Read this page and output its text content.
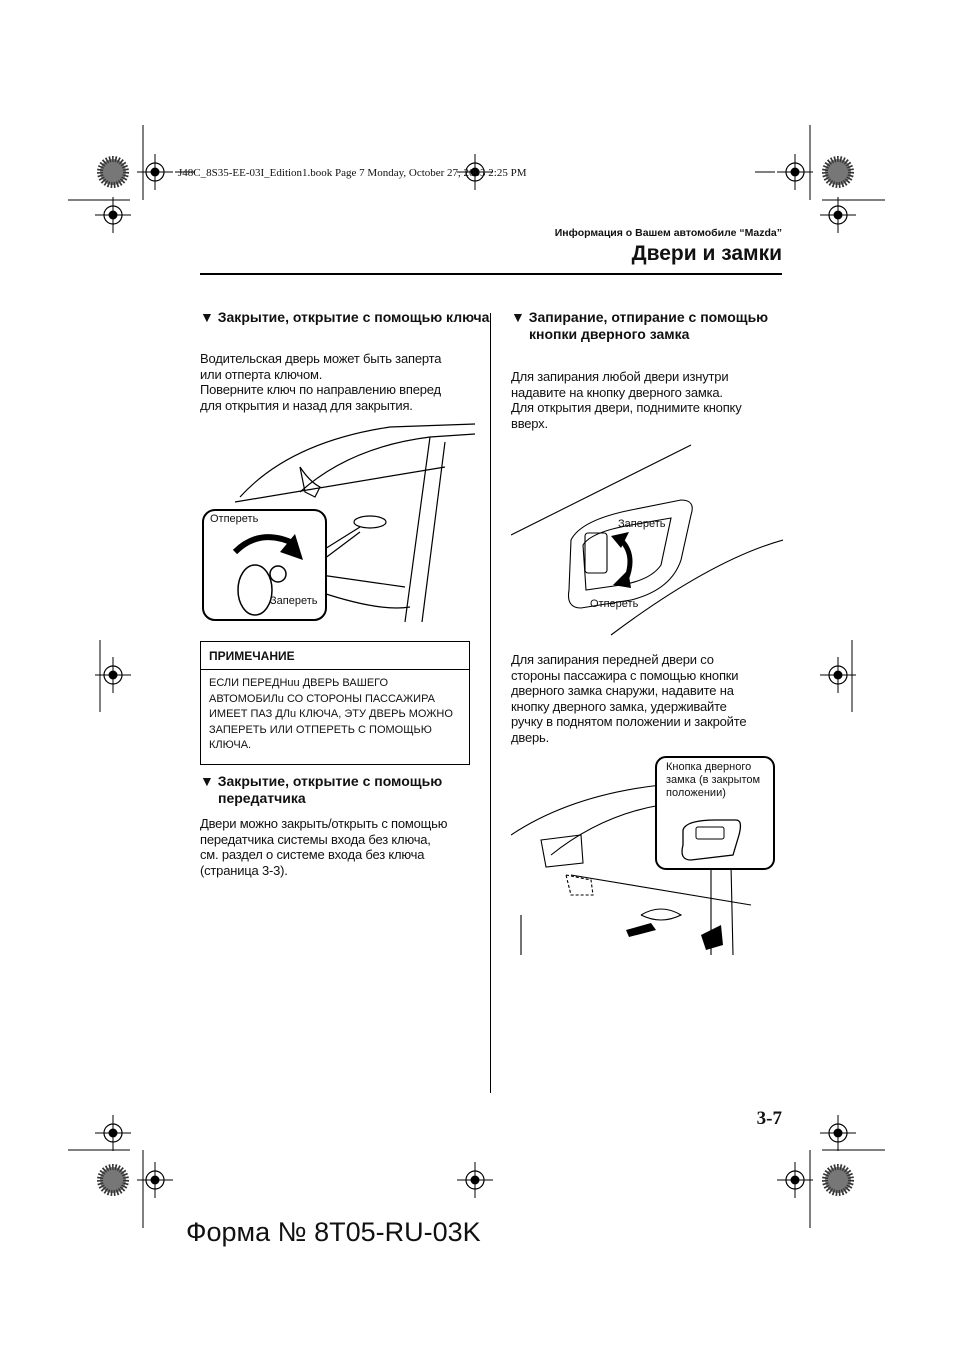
J48C_8S35-EE-03I_Edition1.book Page 7 Monday, October 27, 2003 2:25 PM
Информация о Вашем автомобиле “Mazda”
Двери и замки
▼ Закрытие, открытие с помощью ключа
Водительская дверь может быть заперта
или отперта ключом.
Поверните ключ по направлению вперед
для открытия и назад для закрытия.
Отпереть
Запереть
ПРИМЕЧАНИЕ
ЕСЛИ ПЕРЕДНuu ДВЕРЬ ВАШЕГО
АВТОМОБИЛu СО СТОРОНЫ ПАССАЖИРА
ИМЕЕТ ПАЗ ДЛu КЛЮЧА, ЭТУ ДВЕРЬ МОЖНО
ЗАПЕРЕТЬ ИЛИ ОТПЕРЕТЬ С ПОМОЩЬЮ
КЛЮЧА.
▼ Закрытие, открытие с помощью передатчика
Двери можно закрыть/открыть с помощью
передатчика системы входа без ключа,
см. раздел о системе входа без ключа
(страница 3-3).
▼ Запирание, отпирание с помощью кнопки дверного замка
Для запирания любой двери изнутри
надавите на кнопку дверного замка.
Для открытия двери, поднимите кнопку
вверх.
Запереть
Отпереть
Для запирания передней двери со
стороны пассажира с помощью кнопки
дверного замка снаружи, надавите на
кнопку дверного замка, удерживайте
ручку в поднятом положении и закройте
дверь.
Кнопка дверного
замка (в закрытом
положении)
3-7
Форма № 8T05-RU-03K
